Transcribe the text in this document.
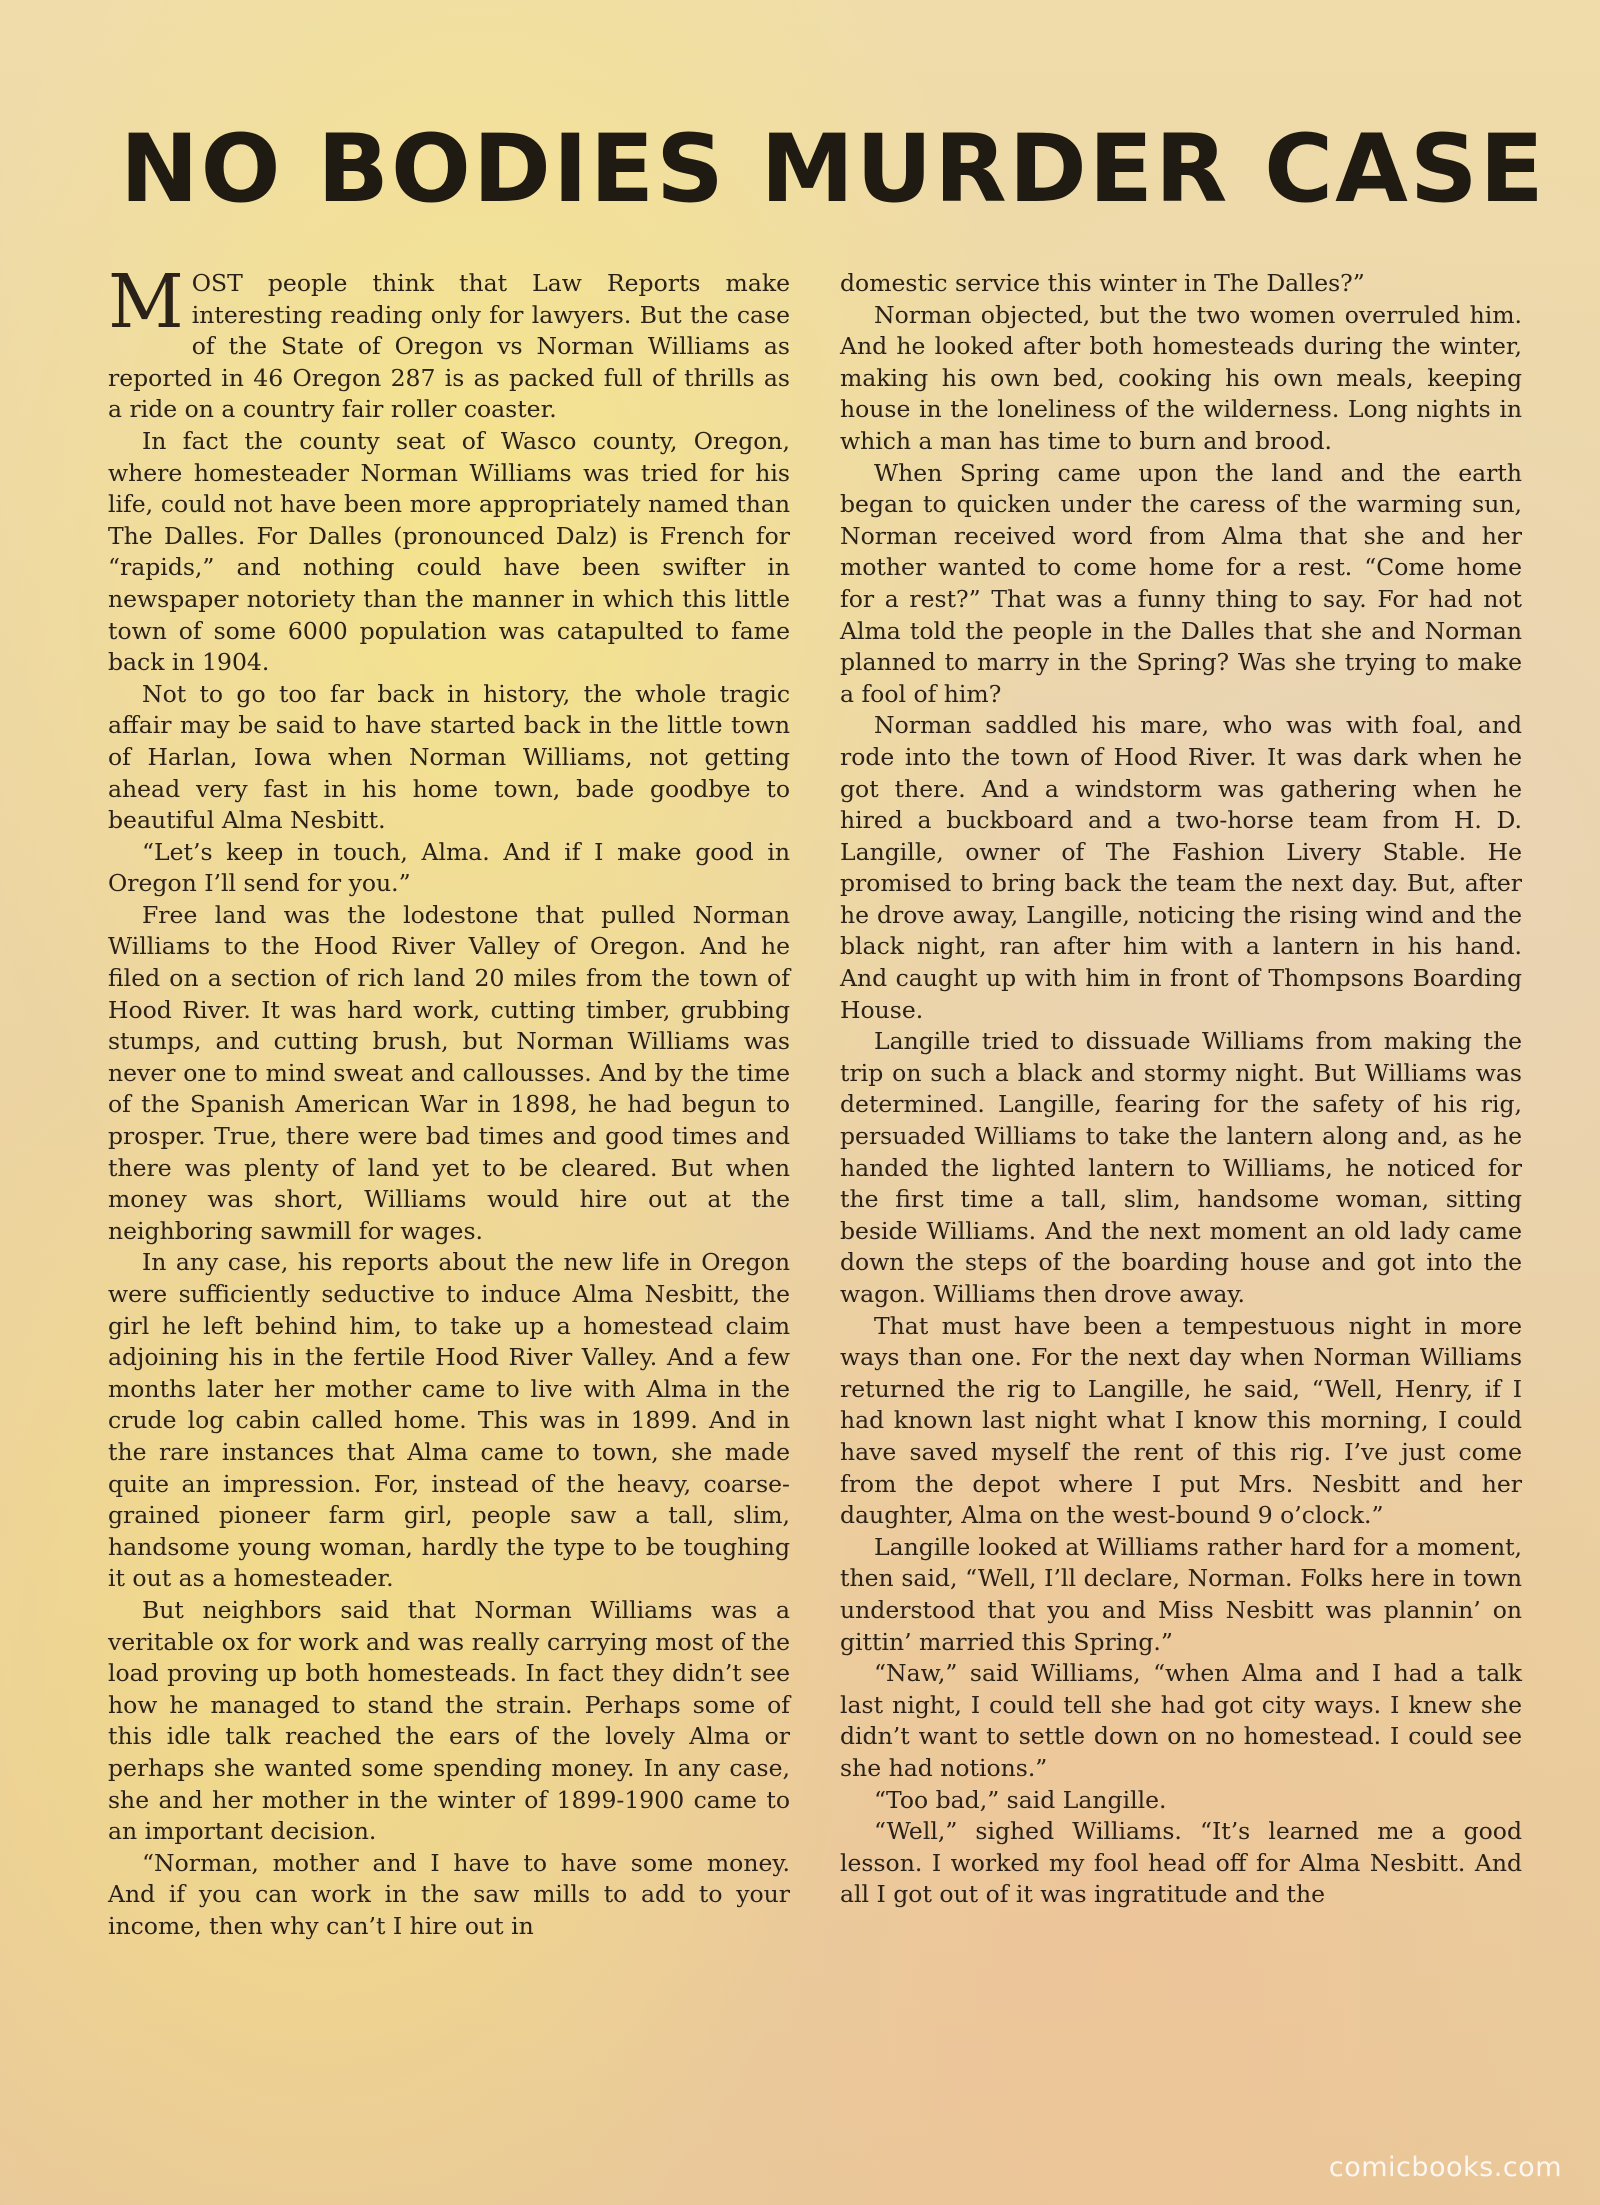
NO BODIES MURDER CASE

MOST people think that Law Reports make interesting reading only for lawyers. But the case of the State of Oregon vs Norman Williams as reported in 46 Oregon 287 is as packed full of thrills as a ride on a country fair roller coaster.

In fact the county seat of Wasco county, Oregon, where homesteader Norman Williams was tried for his life, could not have been more appropriately named than The Dalles. For Dalles (pronounced Dalz) is French for “rapids,” and nothing could have been swifter in newspaper notoriety than the manner in which this little town of some 6000 population was catapulted to fame back in 1904.

Not to go too far back in history, the whole tragic affair may be said to have started back in the little town of Harlan, Iowa when Norman Williams, not getting ahead very fast in his home town, bade goodbye to beautiful Alma Nesbitt.

“Let’s keep in touch, Alma. And if I make good in Oregon I’ll send for you.”

Free land was the lodestone that pulled Norman Williams to the Hood River Valley of Oregon. And he filed on a section of rich land 20 miles from the town of Hood River. It was hard work, cutting timber, grubbing stumps, and cutting brush, but Norman Williams was never one to mind sweat and callousses. And by the time of the Spanish American War in 1898, he had begun to prosper. True, there were bad times and good times and there was plenty of land yet to be cleared. But when money was short, Williams would hire out at the neighboring sawmill for wages.

In any case, his reports about the new life in Oregon were sufficiently seductive to induce Alma Nesbitt, the girl he left behind him, to take up a homestead claim adjoining his in the fertile Hood River Valley. And a few months later her mother came to live with Alma in the crude log cabin called home. This was in 1899. And in the rare instances that Alma came to town, she made quite an impression. For, instead of the heavy, coarse-grained pioneer farm girl, people saw a tall, slim, handsome young woman, hardly the type to be toughing it out as a homesteader.

But neighbors said that Norman Williams was a veritable ox for work and was really carrying most of the load proving up both homesteads. In fact they didn’t see how he managed to stand the strain. Perhaps some of this idle talk reached the ears of the lovely Alma or perhaps she wanted some spending money. In any case, she and her mother in the winter of 1899-1900 came to an important decision.

“Norman, mother and I have to have some money. And if you can work in the saw mills to add to your income, then why can’t I hire out in

domestic service this winter in The Dalles?”

Norman objected, but the two women overruled him. And he looked after both homesteads during the winter, making his own bed, cooking his own meals, keeping house in the loneliness of the wilderness. Long nights in which a man has time to burn and brood.

When Spring came upon the land and the earth began to quicken under the caress of the warming sun, Norman received word from Alma that she and her mother wanted to come home for a rest. “Come home for a rest?” That was a funny thing to say. For had not Alma told the people in the Dalles that she and Norman planned to marry in the Spring? Was she trying to make a fool of him?

Norman saddled his mare, who was with foal, and rode into the town of Hood River. It was dark when he got there. And a windstorm was gathering when he hired a buckboard and a two-horse team from H. D. Langille, owner of The Fashion Livery Stable. He promised to bring back the team the next day. But, after he drove away, Langille, noticing the rising wind and the black night, ran after him with a lantern in his hand. And caught up with him in front of Thompsons Boarding House.

Langille tried to dissuade Williams from making the trip on such a black and stormy night. But Williams was determined. Langille, fearing for the safety of his rig, persuaded Williams to take the lantern along and, as he handed the lighted lantern to Williams, he noticed for the first time a tall, slim, handsome woman, sitting beside Williams. And the next moment an old lady came down the steps of the boarding house and got into the wagon. Williams then drove away.

That must have been a tempestuous night in more ways than one. For the next day when Norman Williams returned the rig to Langille, he said, “Well, Henry, if I had known last night what I know this morning, I could have saved myself the rent of this rig. I’ve just come from the depot where I put Mrs. Nesbitt and her daughter, Alma on the west-bound 9 o’clock.”

Langille looked at Williams rather hard for a moment, then said, “Well, I’ll declare, Norman. Folks here in town understood that you and Miss Nesbitt was plannin’ on gittin’ married this Spring.”

“Naw,” said Williams, “when Alma and I had a talk last night, I could tell she had got city ways. I knew she didn’t want to settle down on no homestead. I could see she had notions.”

“Too bad,” said Langille.

“Well,” sighed Williams. “It’s learned me a good lesson. I worked my fool head off for Alma Nesbitt. And all I got out of it was ingratitude and the

comicbooks.com
